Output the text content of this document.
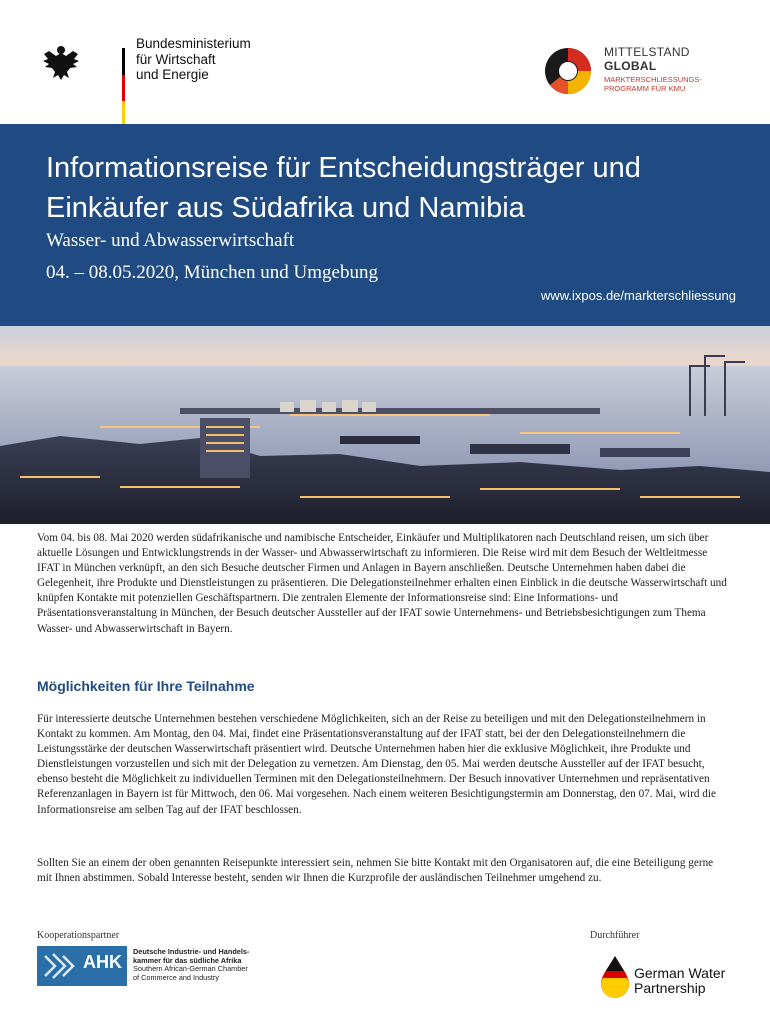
Bundesministerium
für Wirtschaft
und Energie
MITTELSTAND
GLOBAL
MARKTERSCHLIESSUNGS-
PROGRAMM FÜR KMU
Informationsreise für Entscheidungsträger und Einkäufer aus Südafrika und Namibia
Wasser- und Abwasserwirtschaft
04. – 08.05.2020, München und Umgebung
www.ixpos.de/markterschliessung

Vom 04. bis 08. Mai 2020 werden südafrikanische und namibische Entscheider, Einkäufer und Multiplikatoren nach Deutschland reisen, um sich über aktuelle Lösungen und Entwicklungstrends in der Wasser- und Abwasserwirtschaft zu informieren. Die Reise wird mit dem Besuch der Weltleitmesse IFAT in München verknüpft, an den sich Besuche deutscher Firmen und Anlagen in Bayern anschließen. Deutsche Unternehmen haben dabei die Gelegenheit, ihre Produkte und Dienstleistungen zu präsentieren. Die Delegationsteilnehmer erhalten einen Einblick in die deutsche Wasserwirtschaft und knüpfen Kontakte mit potenziellen Geschäftspartnern. Die zentralen Elemente der Informationsreise sind: Eine Informations- und Präsentationsveranstaltung in München, der Besuch deutscher Aussteller auf der IFAT sowie Unternehmens- und Betriebsbesichtigungen zum Thema Wasser- und Abwasserwirtschaft in Bayern.

Möglichkeiten für Ihre Teilnahme

Für interessierte deutsche Unternehmen bestehen verschiedene Möglichkeiten, sich an der Reise zu beteiligen und mit den Delegationsteilnehmern in Kontakt zu kommen. Am Montag, den 04. Mai, findet eine Präsentationsveranstaltung auf der IFAT statt, bei der den Delegationsteilnehmern die Leistungsstärke der deutschen Wasserwirtschaft präsentiert wird. Deutsche Unternehmen haben hier die exklusive Möglichkeit, ihre Produkte und Dienstleistungen vorzustellen und sich mit der Delegation zu vernetzen. Am Dienstag, den 05. Mai werden deutsche Aussteller auf der IFAT besucht, ebenso besteht die Möglichkeit zu individuellen Terminen mit den Delegationsteilnehmern. Der Besuch innovativer Unternehmen und repräsentativen Referenzanlagen in Bayern ist für Mittwoch, den 06. Mai vorgesehen. Nach einem weiteren Besichtigungstermin am Donnerstag, den 07. Mai, wird die Informationsreise am selben Tag auf der IFAT beschlossen.

Sollten Sie an einem der oben genannten Reisepunkte interessiert sein, nehmen Sie bitte Kontakt mit den Organisatoren auf, die eine Beteiligung gerne mit Ihnen abstimmen. Sobald Interesse besteht, senden wir Ihnen die Kurzprofile der ausländischen Teilnehmer umgehend zu.

Kooperationspartner	Durchführer
AHK
Deutsche Industrie- und Handels-
kammer für das südliche Afrika
Southern African-German Chamber
of Commerce and Industry	German Water
Partnership
